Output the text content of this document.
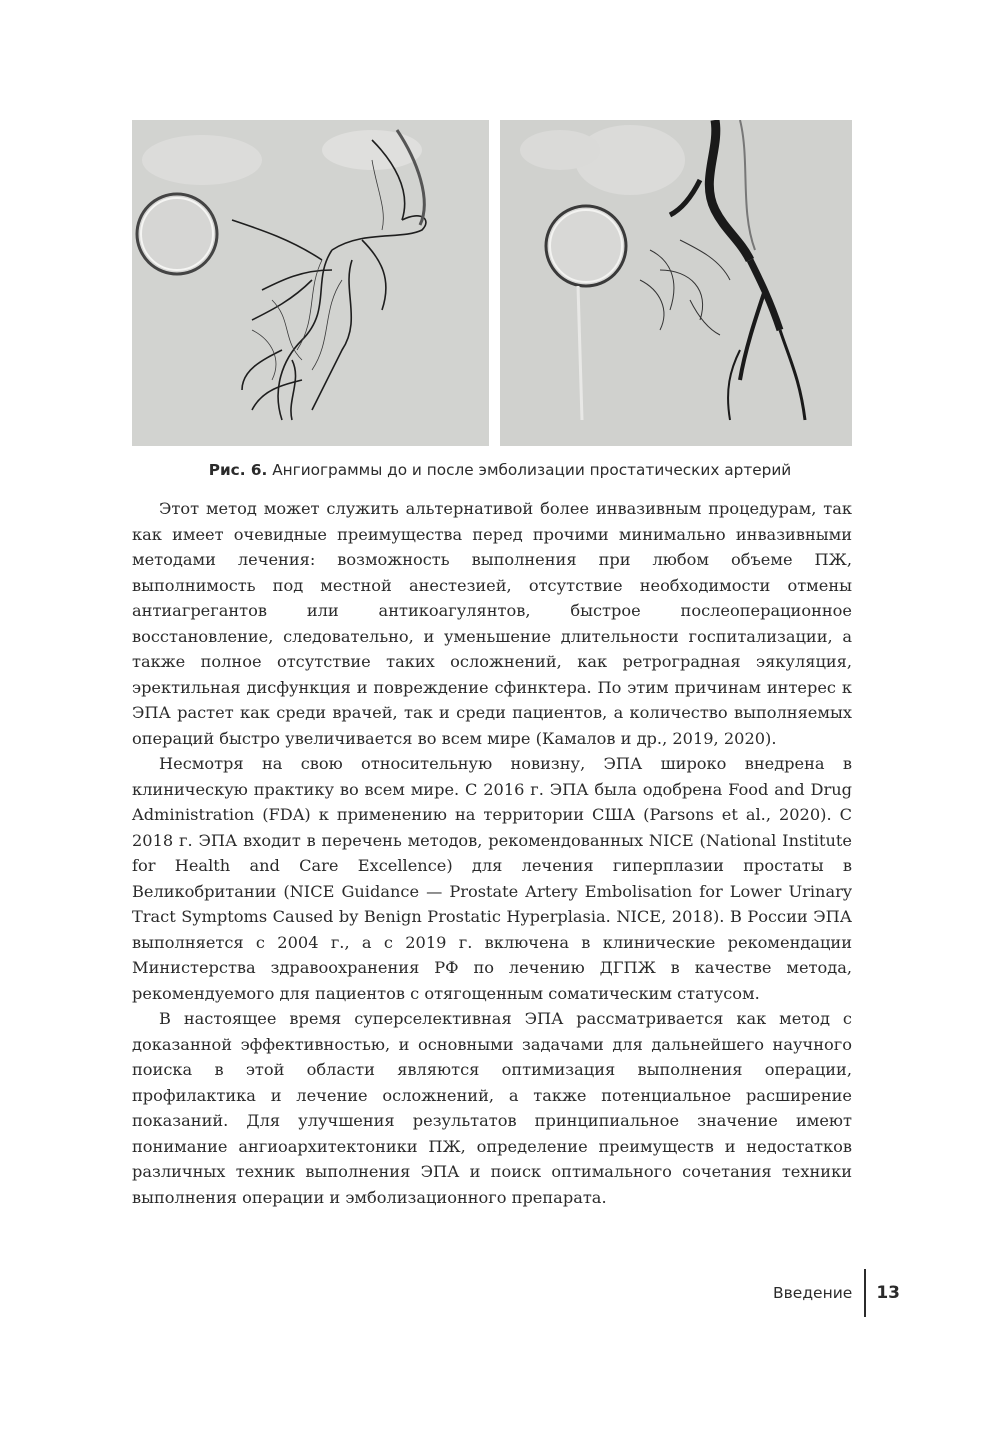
Рис. 6. Ангиограммы до и после эмболизации простатических артерий

Этот метод может служить альтернативой более инвазивным процедурам, так как имеет очевидные преимущества перед прочими минимально инвазивными методами лечения: возможность выполнения при любом объеме ПЖ, выполнимость под местной анестезией, отсутствие необходимости отмены антиагрегантов или антикоагулянтов, быстрое послеоперационное восстановление, следовательно, и уменьшение длительности госпитализации, а также полное отсутствие таких осложнений, как ретроградная эякуляция, эректильная дисфункция и повреждение сфинктера. По этим причинам интерес к ЭПА растет как среди врачей, так и среди пациентов, а количество выполняемых операций быстро увеличивается во всем мире (Камалов и др., 2019, 2020).

Несмотря на свою относительную новизну, ЭПА широко внедрена в клиническую практику во всем мире. С 2016 г. ЭПА была одобрена Food and Drug Administration (FDA) к применению на территории США (Parsons et al., 2020). С 2018 г. ЭПА входит в перечень методов, рекомендованных NICE (National Institute for Health and Care Excellence) для лечения гиперплазии простаты в Великобритании (NICE Guidance — Prostate Artery Embolisation for Lower Urinary Tract Symptoms Caused by Benign Prostatic Hyperplasia. NICE, 2018). В России ЭПА выполняется с 2004 г., а с 2019 г. включена в клинические рекомендации Министерства здравоохранения РФ по лечению ДГПЖ в качестве метода, рекомендуемого для пациентов с отягощенным соматическим статусом.

В настоящее время суперселективная ЭПА рассматривается как метод с доказанной эффективностью, и основными задачами для дальнейшего научного поиска в этой области являются оптимизация выполнения операции, профилактика и лечение осложнений, а также потенциальное расширение показаний. Для улучшения результатов принципиальное значение имеют понимание ангиоархитектоники ПЖ, определение преимуществ и недостатков различных техник выполнения ЭПА и поиск оптимального сочетания техники выполнения операции и эмболизационного препарата.

Введение	13
